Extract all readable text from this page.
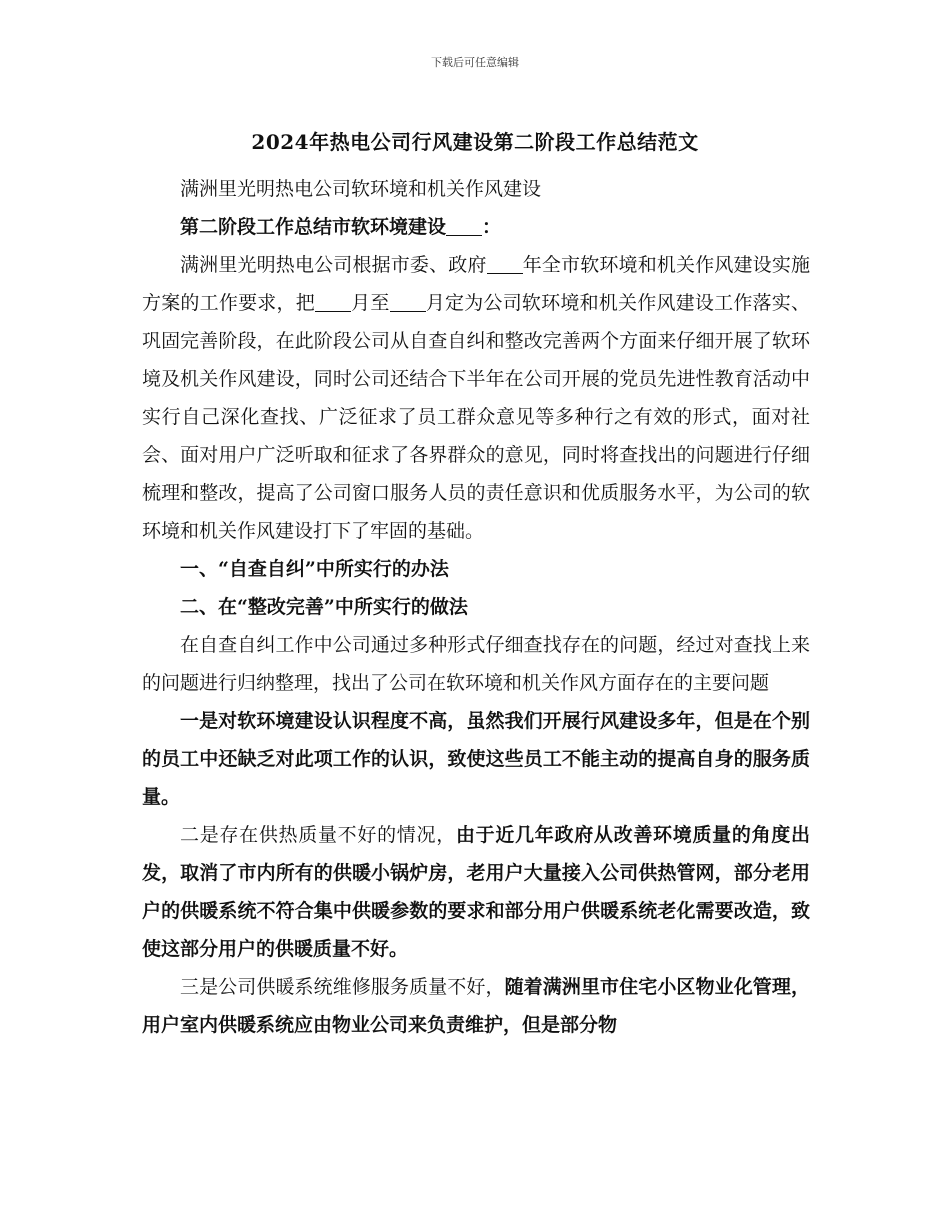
下载后可任意编辑
2024年热电公司行风建设第二阶段工作总结范文

满洲里光明热电公司软环境和机关作风建设

第二阶段工作总结市软环境建设 ：

满洲里光明热电公司根据市委、政府 年全市软环境和机关作风建设实施方案的工作要求，把 月至 月定为公司软环境和机关作风建设工作落实、巩固完善阶段，在此阶段公司从自查自纠和整改完善两个方面来仔细开展了软环境及机关作风建设，同时公司还结合下半年在公司开展的党员先进性教育活动中实行自己深化查找、广泛征求了员工群众意见等多种行之有效的形式，面对社会、面对用户广泛听取和征求了各界群众的意见，同时将查找出的问题进行仔细梳理和整改，提高了公司窗口服务人员的责任意识和优质服务水平，为公司的软环境和机关作风建设打下了牢固的基础。

一、“自查自纠”中所实行的办法

二、在“整改完善”中所实行的做法

在自查自纠工作中公司通过多种形式仔细查找存在的问题，经过对查找上来的问题进行归纳整理，找出了公司在软环境和机关作风方面存在的主要问题

一是对软环境建设认识程度不高，虽然我们开展行风建设多年，但是在个别的员工中还缺乏对此项工作的认识，致使这些员工不能主动的提高自身的服务质量。

二是存在供热质量不好的情况，由于近几年政府从改善环境质量的角度出发，取消了市内所有的供暖小锅炉房，老用户大量接入公司供热管网，部分老用户的供暖系统不符合集中供暖参数的要求和部分用户供暖系统老化需要改造，致使这部分用户的供暖质量不好。

三是公司供暖系统维修服务质量不好，随着满洲里市住宅小区物业化管理，用户室内供暖系统应由物业公司来负责维护，但是部分物
